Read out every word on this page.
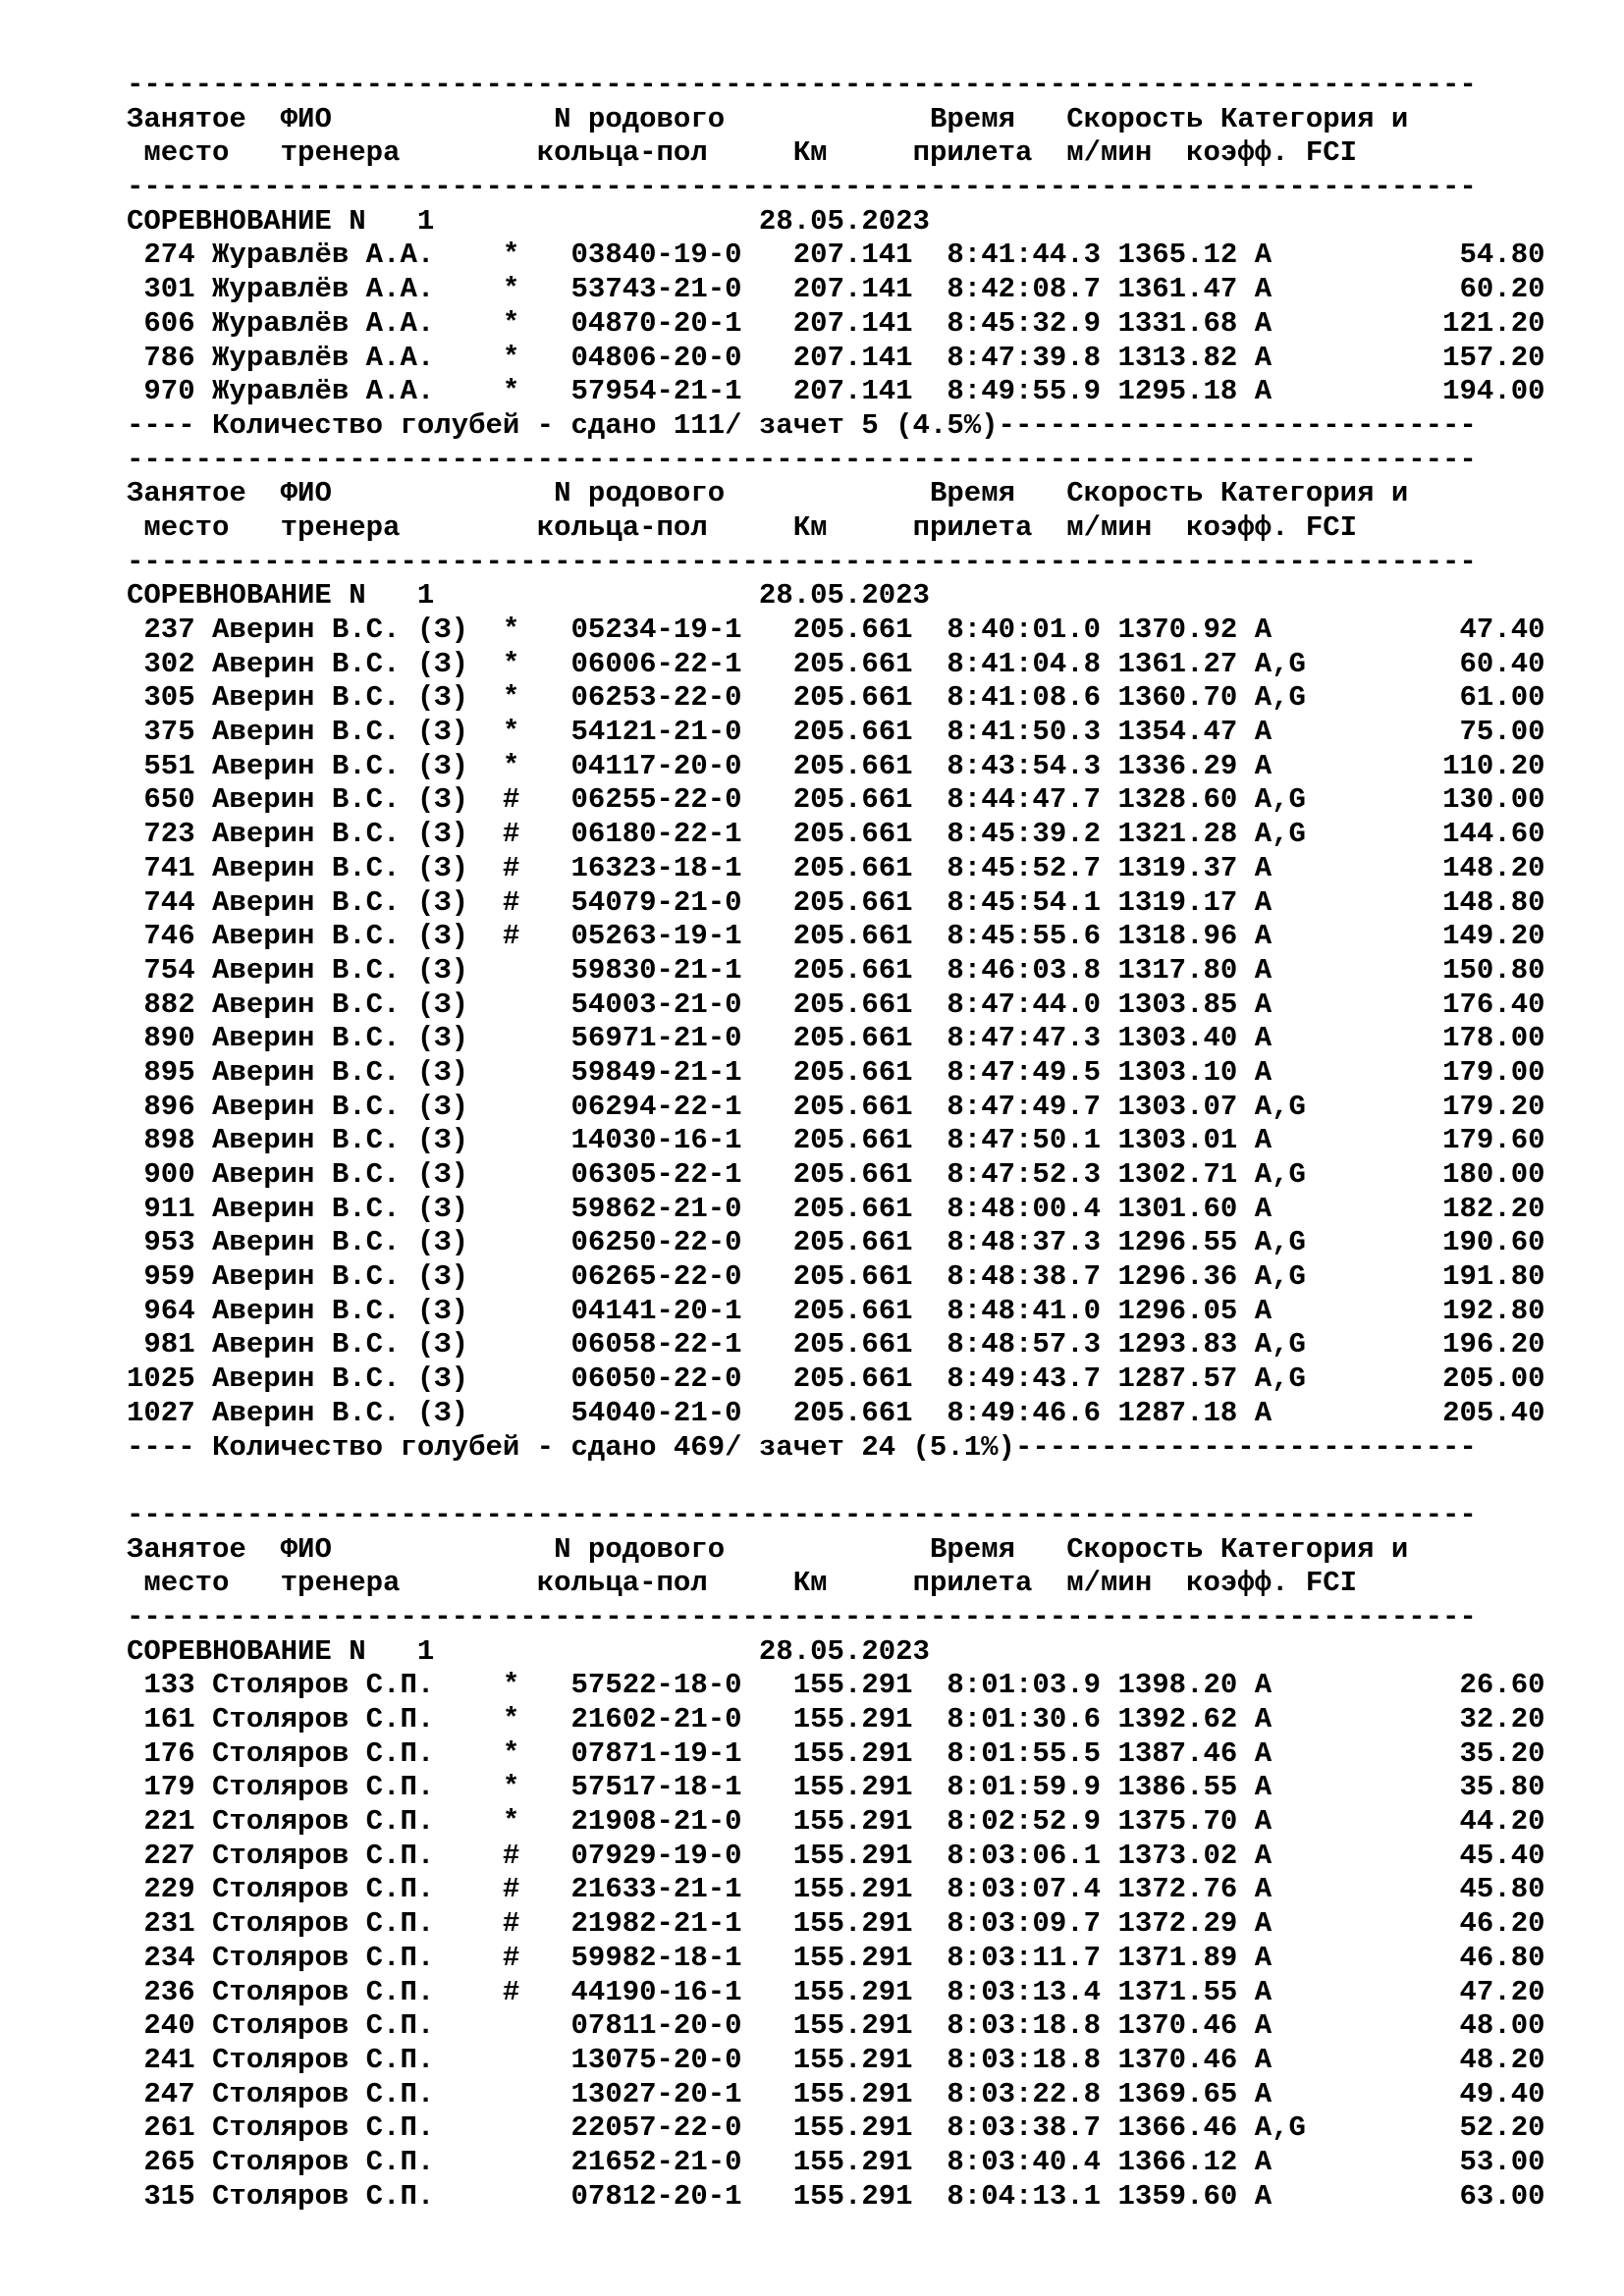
-------------------------------------------------------------------------------
Занятое ФИО	N родового	Время Скорость Категория и
место тренера	кольца-пол	Км	прилета м/мин коэфф. FCI
-------------------------------------------------------------------------------
СОРЕВНОВАНИЕ N 1	28.05.2023
274 Журавлёв А.А.    * 03840-19-0   207.141 8:41:44.3 1365.12 A           54.80
301 Журавлёв А.А.    * 53743-21-0   207.141 8:42:08.7 1361.47 A           60.20
606 Журавлёв А.А.    * 04870-20-1   207.141 8:45:32.9 1331.68 A          121.20
786 Журавлёв А.А.    * 04806-20-0   207.141 8:47:39.8 1313.82 A          157.20
970 Журавлёв А.А.    * 57954-21-1   207.141 8:49:55.9 1295.18 A          194.00
---- Количество голубей - сдано 111/ зачет 5 (4.5%)----------------------------
-------------------------------------------------------------------------------
Занятое ФИО	N родового	Время Скорость Категория и
место тренера	кольца-пол	Км	прилета м/мин коэфф. FCI
-------------------------------------------------------------------------------
СОРЕВНОВАНИЕ N 1	28.05.2023
237 Аверин В.С. (З) * 05234-19-1   205.661 8:40:01.0 1370.92 A           47.40
302 Аверин В.С. (З) * 06006-22-1   205.661 8:41:04.8 1361.27 A,G         60.40
305 Аверин В.С. (З) * 06253-22-0   205.661 8:41:08.6 1360.70 A,G         61.00
375 Аверин В.С. (З) * 54121-21-0   205.661 8:41:50.3 1354.47 A           75.00
551 Аверин В.С. (З) * 04117-20-0   205.661 8:43:54.3 1336.29 A          110.20
650 Аверин В.С. (З) # 06255-22-0   205.661 8:44:47.7 1328.60 A,G        130.00
723 Аверин В.С. (З) # 06180-22-1   205.661 8:45:39.2 1321.28 A,G        144.60
741 Аверин В.С. (З) # 16323-18-1   205.661 8:45:52.7 1319.37 A          148.20
744 Аверин В.С. (З) # 54079-21-0   205.661 8:45:54.1 1319.17 A          148.80
746 Аверин В.С. (З) # 05263-19-1   205.661 8:45:55.6 1318.96 A          149.20
754 Аверин В.С. (З)	59830-21-1   205.661 8:46:03.8 1317.80 A          150.80
882 Аверин В.С. (З)	54003-21-0   205.661 8:47:44.0 1303.85 A          176.40
890 Аверин В.С. (З)	56971-21-0   205.661 8:47:47.3 1303.40 A          178.00
895 Аверин В.С. (З)	59849-21-1   205.661 8:47:49.5 1303.10 A          179.00
896 Аверин В.С. (З)	06294-22-1   205.661 8:47:49.7 1303.07 A,G        179.20
898 Аверин В.С. (З)	14030-16-1   205.661 8:47:50.1 1303.01 A          179.60
900 Аверин В.С. (З)	06305-22-1   205.661 8:47:52.3 1302.71 A,G        180.00
911 Аверин В.С. (З)	59862-21-0   205.661 8:48:00.4 1301.60 A          182.20
953 Аверин В.С. (З)	06250-22-0   205.661 8:48:37.3 1296.55 A,G        190.60
959 Аверин В.С. (З)	06265-22-0   205.661 8:48:38.7 1296.36 A,G        191.80
964 Аверин В.С. (З)	04141-20-1   205.661 8:48:41.0 1296.05 A          192.80
981 Аверин В.С. (З)	06058-22-1   205.661 8:48:57.3 1293.83 A,G        196.20
1025 Аверин В.С. (З)	06050-22-0   205.661 8:49:43.7 1287.57 A,G        205.00
1027 Аверин В.С. (З)	54040-21-0   205.661 8:49:46.6 1287.18 A          205.40
---- Количество голубей - сдано 469/ зачет 24 (5.1%)---------------------------
-------------------------------------------------------------------------------
Занятое ФИО	N родового	Время Скорость Категория и
место тренера	кольца-пол	Км	прилета м/мин коэфф. FCI
-------------------------------------------------------------------------------
СОРЕВНОВАНИЕ N 1	28.05.2023
133 Столяров С.П.    * 57522-18-0   155.291 8:01:03.9 1398.20 A           26.60
161 Столяров С.П.    * 21602-21-0   155.291 8:01:30.6 1392.62 A           32.20
176 Столяров С.П.    * 07871-19-1   155.291 8:01:55.5 1387.46 A           35.20
179 Столяров С.П.    * 57517-18-1   155.291 8:01:59.9 1386.55 A           35.80
221 Столяров С.П.    * 21908-21-0   155.291 8:02:52.9 1375.70 A           44.20
227 Столяров С.П.    # 07929-19-0   155.291 8:03:06.1 1373.02 A           45.40
229 Столяров С.П.    # 21633-21-1   155.291 8:03:07.4 1372.76 A           45.80
231 Столяров С.П.    # 21982-21-1   155.291 8:03:09.7 1372.29 A           46.20
234 Столяров С.П.    # 59982-18-1   155.291 8:03:11.7 1371.89 A           46.80
236 Столяров С.П.    # 44190-16-1   155.291 8:03:13.4 1371.55 A           47.20
240 Столяров С.П.	07811-20-0   155.291 8:03:18.8 1370.46 A           48.00
241 Столяров С.П.	13075-20-0   155.291 8:03:18.8 1370.46 A           48.20
247 Столяров С.П.	13027-20-1   155.291 8:03:22.8 1369.65 A           49.40
261 Столяров С.П.	22057-22-0   155.291 8:03:38.7 1366.46 A,G         52.20
265 Столяров С.П.	21652-21-0   155.291 8:03:40.4 1366.12 A           53.00
315 Столяров С.П.	07812-20-1   155.291 8:04:13.1 1359.60 A           63.00
